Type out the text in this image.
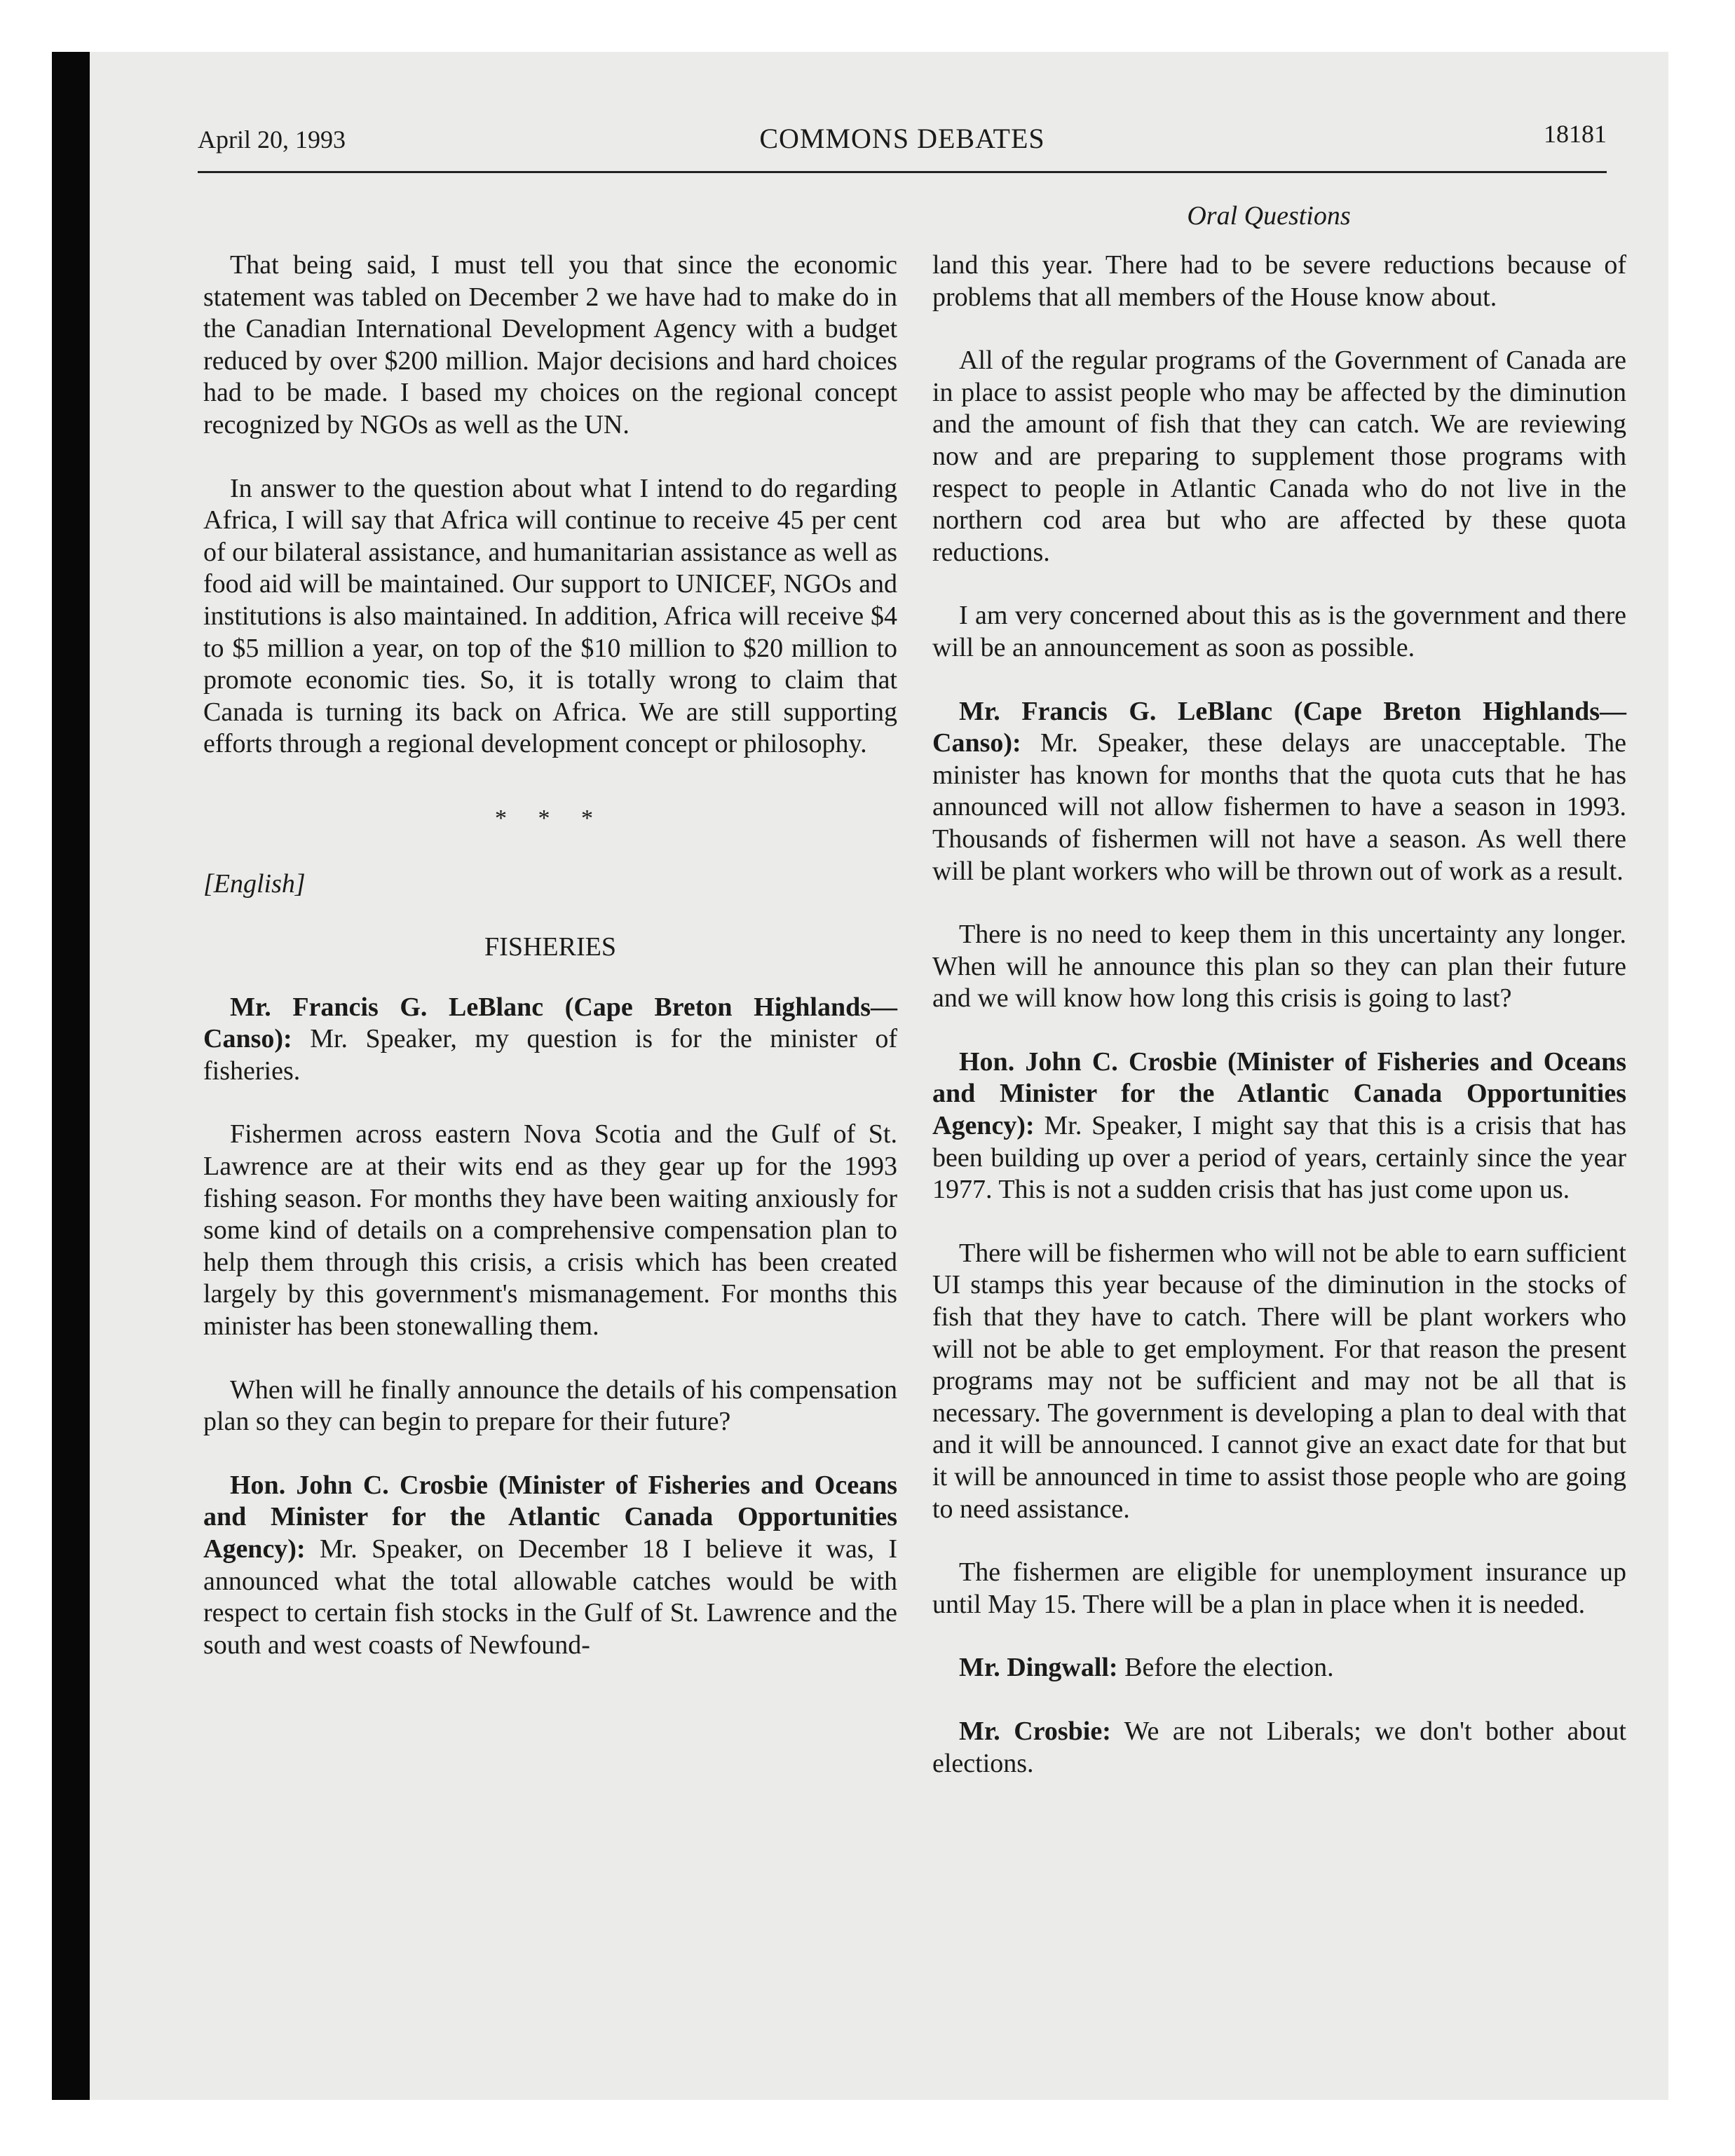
April 20, 1993	COMMONS DEBATES	18181
Oral Questions

That being said, I must tell you that since the economic statement was tabled on December 2 we have had to make do in the Canadian International Development Agency with a budget reduced by over $200 million. Major decisions and hard choices had to be made. I based my choices on the regional concept recognized by NGOs as well as the UN.

In answer to the question about what I intend to do regarding Africa, I will say that Africa will continue to receive 45 per cent of our bilateral assistance, and humanitarian assistance as well as food aid will be maintained. Our support to UNICEF, NGOs and institutions is also maintained. In addition, Africa will receive $4 to $5 million a year, on top of the $10 million to $20 million to promote economic ties. So, it is totally wrong to claim that Canada is turning its back on Africa. We are still supporting efforts through a regional development concept or philosophy.

* * *

[English]

FISHERIES

Mr. Francis G. LeBlanc (Cape Breton Highlands—Canso): Mr. Speaker, my question is for the minister of fisheries.

Fishermen across eastern Nova Scotia and the Gulf of St. Lawrence are at their wits end as they gear up for the 1993 fishing season. For months they have been waiting anxiously for some kind of details on a comprehensive compensation plan to help them through this crisis, a crisis which has been created largely by this government's mismanagement. For months this minister has been stonewalling them.

When will he finally announce the details of his compensation plan so they can begin to prepare for their future?

Hon. John C. Crosbie (Minister of Fisheries and Oceans and Minister for the Atlantic Canada Opportunities Agency): Mr. Speaker, on December 18 I believe it was, I announced what the total allowable catches would be with respect to certain fish stocks in the Gulf of St. Lawrence and the south and west coasts of Newfound-

land this year. There had to be severe reductions because of problems that all members of the House know about.

All of the regular programs of the Government of Canada are in place to assist people who may be affected by the diminution and the amount of fish that they can catch. We are reviewing now and are preparing to supplement those programs with respect to people in Atlantic Canada who do not live in the northern cod area but who are affected by these quota reductions.

I am very concerned about this as is the government and there will be an announcement as soon as possible.

Mr. Francis G. LeBlanc (Cape Breton Highlands—Canso): Mr. Speaker, these delays are unacceptable. The minister has known for months that the quota cuts that he has announced will not allow fishermen to have a season in 1993. Thousands of fishermen will not have a season. As well there will be plant workers who will be thrown out of work as a result.

There is no need to keep them in this uncertainty any longer. When will he announce this plan so they can plan their future and we will know how long this crisis is going to last?

Hon. John C. Crosbie (Minister of Fisheries and Oceans and Minister for the Atlantic Canada Opportunities Agency): Mr. Speaker, I might say that this is a crisis that has been building up over a period of years, certainly since the year 1977. This is not a sudden crisis that has just come upon us.

There will be fishermen who will not be able to earn sufficient UI stamps this year because of the diminution in the stocks of fish that they have to catch. There will be plant workers who will not be able to get employment. For that reason the present programs may not be sufficient and may not be all that is necessary. The government is developing a plan to deal with that and it will be announced. I cannot give an exact date for that but it will be announced in time to assist those people who are going to need assistance.

The fishermen are eligible for unemployment insurance up until May 15. There will be a plan in place when it is needed.

Mr. Dingwall: Before the election.

Mr. Crosbie: We are not Liberals; we don't bother about elections.
